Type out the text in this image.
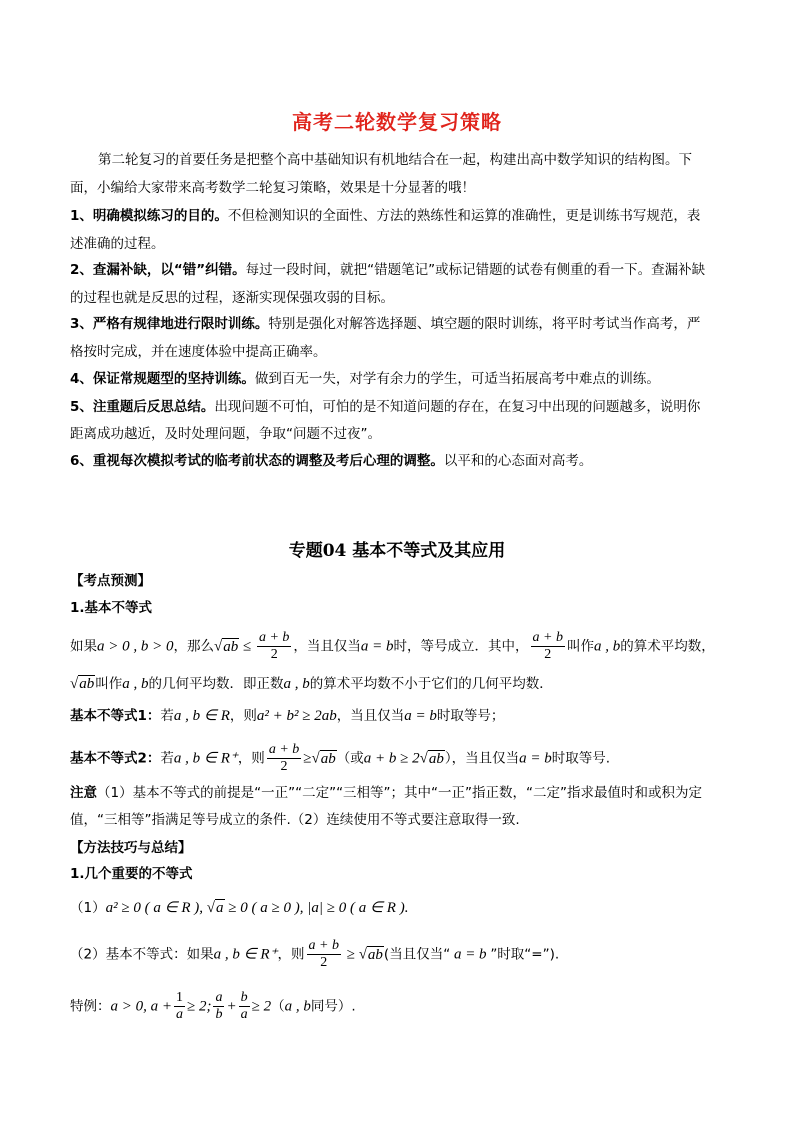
高考二轮数学复习策略
第二轮复习的首要任务是把整个高中基础知识有机地结合在一起，构建出高中数学知识的结构图。下
面，小编给大家带来高考数学二轮复习策略，效果是十分显著的哦！
1、明确模拟练习的目的。不但检测知识的全面性、方法的熟练性和运算的准确性，更是训练书写规范，表
述准确的过程。
2、查漏补缺，以“错”纠错。每过一段时间，就把“错题笔记”或标记错题的试卷有侧重的看一下。查漏补缺
的过程也就是反思的过程，逐渐实现保强攻弱的目标。
3、严格有规律地进行限时训练。特别是强化对解答选择题、填空题的限时训练，将平时考试当作高考，严
格按时完成，并在速度体验中提高正确率。
4、保证常规题型的坚持训练。做到百无一失，对学有余力的学生，可适当拓展高考中难点的训练。
5、注重题后反思总结。出现问题不可怕，可怕的是不知道问题的存在，在复习中出现的问题越多，说明你
距离成功越近，及时处理问题，争取“问题不过夜”。
6、重视每次模拟考试的临考前状态的调整及考后心理的调整。以平和的心态面对高考。
专题04 基本不等式及其应用
【考点预测】
1.基本不等式
如果a > 0 , b > 0，那么$√ab \le \frac{a + b}{2}$ ，当且仅当a = b时，等号成立．其中， $\frac{a + b}{2}$ 叫作a , b的算术平均数，
√ab叫作a , b的几何平均数．即正数a , b的算术平均数不小于它们的几何平均数．
基本不等式1：若a , b ∈ R，则a² + b² ≥ 2ab，当且仅当a = b时取等号；
基本不等式2：若a , b ∈ R⁺，则 $\frac{a + b}{2} \ge√ab$（或a + b ≥ 2√ab），当且仅当a = b时取等号.
注意（1）基本不等式的前提是“一正”“二定”“三相等”；其中“一正”指正数，“二定”指求最值时和或积为定
值，“三相等”指满足等号成立的条件.（2）连续使用不等式要注意取得一致.
【方法技巧与总结】
1.几个重要的不等式
（1）a² ≥ 0 ( a ∈ R ), √a ≥ 0 ( a ≥ 0 ), |a| ≥ 0 ( a ∈ R ).
（2）基本不等式：如果a , b ∈ R⁺，则 $\frac{a + b}{2} \ge √ab$(当且仅当“ a = b ”时取“=”).
特例：a > 0, $a + \frac{1}{a} \ge 2$; $\frac{a}{b} + \frac{b}{a} \ge 2(a$ , b同号）.
